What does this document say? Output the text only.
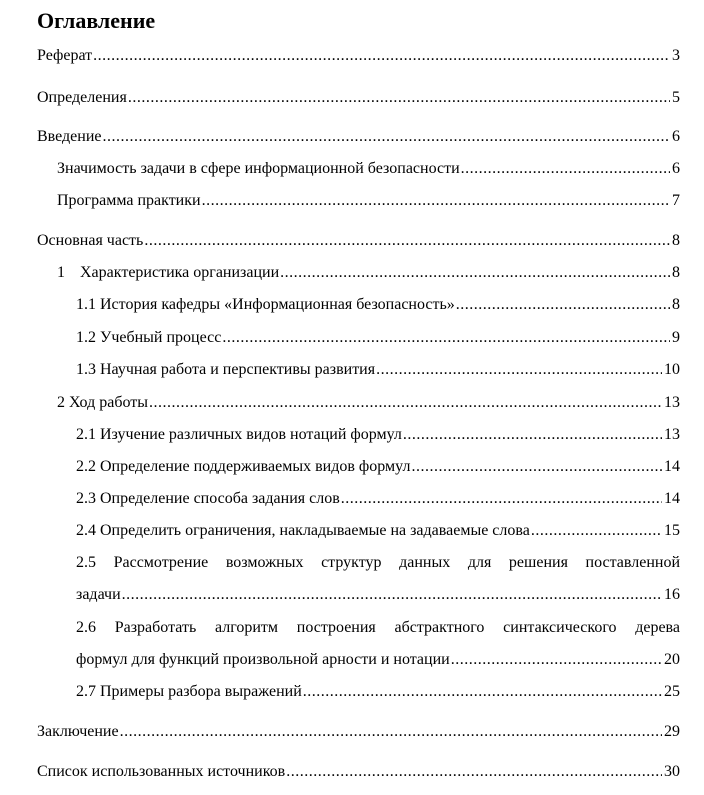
Оглавление
Реферат .....	3
Определения .....	5
Введение .....	6
Значимость задачи в сфере информационной безопасности .....	6
Программа практики .....	7
Основная часть .....	8
1 Характеристика организации .....	8
1.1 История кафедры «Информационная безопасность» .....	8
1.2 Учебный процесс .....	9
1.3 Научная работа и перспективы развития .....	10
2 Ход работы .....	13
2.1 Изучение различных видов нотаций формул .....	13
2.2 Определение поддерживаемых видов формул .....	14
2.3 Определение способа задания слов .....	14
2.4 Определить ограничения, накладываемые на задаваемые слова .....	15
2.5 Рассмотрение возможных структур данных для решения поставленной
задачи .....	16
2.6 Разработать алгоритм построения абстрактного синтаксического дерева
формул для функций произвольной арности и нотации .....	20
2.7 Примеры разбора выражений .....	25
Заключение .....	29
Список использованных источников .....	30
